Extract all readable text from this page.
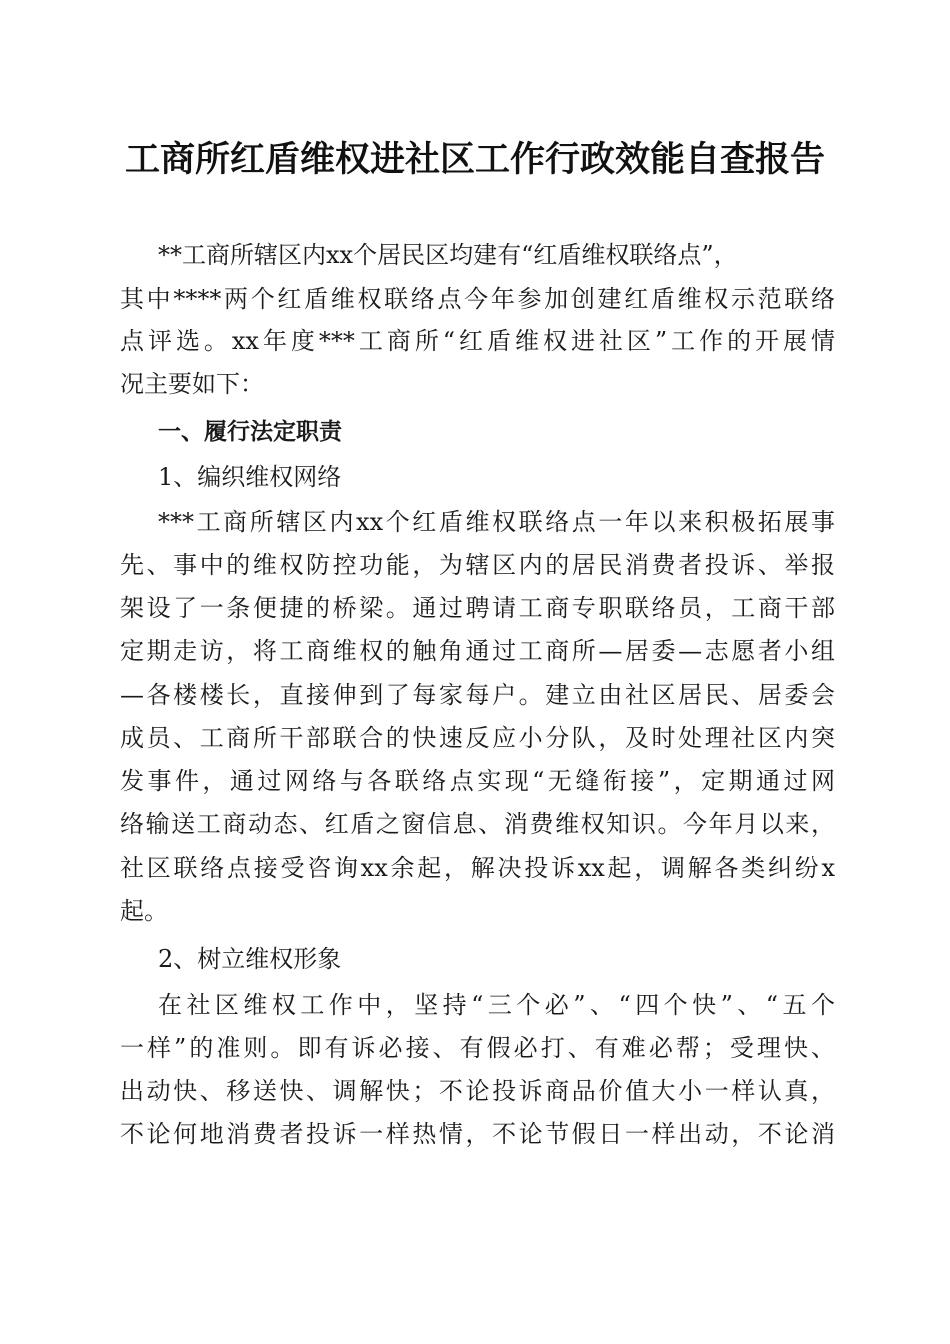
工商所红盾维权进社区工作行政效能自查报告
**工商所辖区内xx个居民区均建有“红盾维权联络点”，
其中****两个红盾维权联络点今年参加创建红盾维权示范联络
点评选。xx年度***工商所“红盾维权进社区”工作的开展情
况主要如下：
一、履行法定职责
1、编织维权网络
***工商所辖区内xx个红盾维权联络点一年以来积极拓展事
先、事中的维权防控功能，为辖区内的居民消费者投诉、举报
架设了一条便捷的桥梁。通过聘请工商专职联络员，工商干部
定期走访，将工商维权的触角通过工商所—居委—志愿者小组
—各楼楼长，直接伸到了每家每户。建立由社区居民、居委会
成员、工商所干部联合的快速反应小分队，及时处理社区内突
发事件，通过网络与各联络点实现“无缝衔接”，定期通过网
络输送工商动态、红盾之窗信息、消费维权知识。今年月以来，
社区联络点接受咨询xx余起，解决投诉xx起，调解各类纠纷x
起。
2、树立维权形象
在社区维权工作中，坚持“三个必”、“四个快”、“五个
一样”的准则。即有诉必接、有假必打、有难必帮；受理快、
出动快、移送快、调解快；不论投诉商品价值大小一样认真，
不论何地消费者投诉一样热情，不论节假日一样出动，不论消
